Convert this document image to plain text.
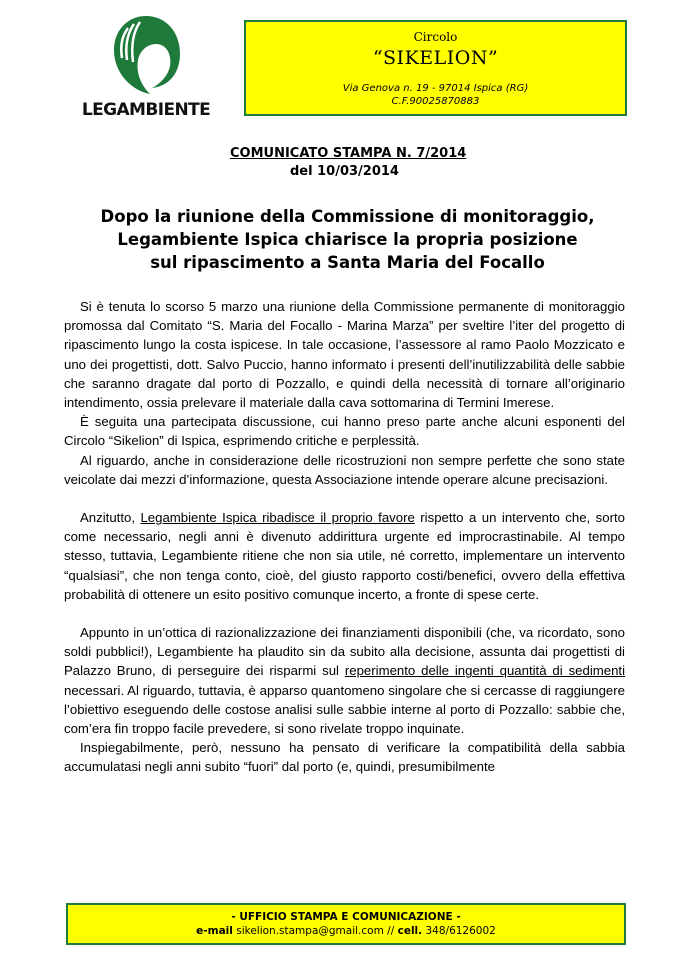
LEGAMBIENTE
Circolo
“SIKELION”
Via Genova n. 19 - 97014 Ispica (RG)
C.F.90025870883
COMUNICATO STAMPA N. 7/2014
del 10/03/2014
Dopo la riunione della Commissione di monitoraggio,
Legambiente Ispica chiarisce la propria posizione
sul ripascimento a Santa Maria del Focallo

Si è tenuta lo scorso 5 marzo una riunione della Commissione permanente di monitoraggio promossa dal Comitato “S. Maria del Focallo - Marina Marza” per sveltire l’iter del progetto di ripascimento lungo la costa ispicese. In tale occasione, l’assessore al ramo Paolo Mozzicato e uno dei progettisti, dott. Salvo Puccio, hanno informato i presenti dell’inutilizzabilità delle sabbie che saranno dragate dal porto di Pozzallo, e quindi della necessità di tornare all’originario intendimento, ossia prelevare il materiale dalla cava sottomarina di Termini Imerese.

È seguita una partecipata discussione, cui hanno preso parte anche alcuni esponenti del Circolo “Sikelion” di Ispica, esprimendo critiche e perplessità.

Al riguardo, anche in considerazione delle ricostruzioni non sempre perfette che sono state veicolate dai mezzi d’informazione, questa Associazione intende operare alcune precisazioni.

Anzitutto, Legambiente Ispica ribadisce il proprio favore rispetto a un intervento che, sorto come necessario, negli anni è divenuto addirittura urgente ed improcrastinabile. Al tempo stesso, tuttavia, Legambiente ritiene che non sia utile, né corretto, implementare un intervento “qualsiasi”, che non tenga conto, cioè, del giusto rapporto costi/benefici, ovvero della effettiva probabilità di ottenere un esito positivo comunque incerto, a fronte di spese certe.

Appunto in un’ottica di razionalizzazione dei finanziamenti disponibili (che, va ricordato, sono soldi pubblici!), Legambiente ha plaudito sin da subito alla decisione, assunta dai progettisti di Palazzo Bruno, di perseguire dei risparmi sul reperimento delle ingenti quantità di sedimenti necessari. Al riguardo, tuttavia, è apparso quantomeno singolare che si cercasse di raggiungere l’obiettivo eseguendo delle costose analisi sulle sabbie interne al porto di Pozzallo: sabbie che, com’era fin troppo facile prevedere, si sono rivelate troppo inquinate.

Inspiegabilmente, però, nessuno ha pensato di verificare la compatibilità della sabbia accumulatasi negli anni subito “fuori” dal porto (e, quindi, presumibilmente

- UFFICIO STAMPA E COMUNICAZIONE -
e-mail sikelion.stampa@gmail.com // cell. 348/6126002
